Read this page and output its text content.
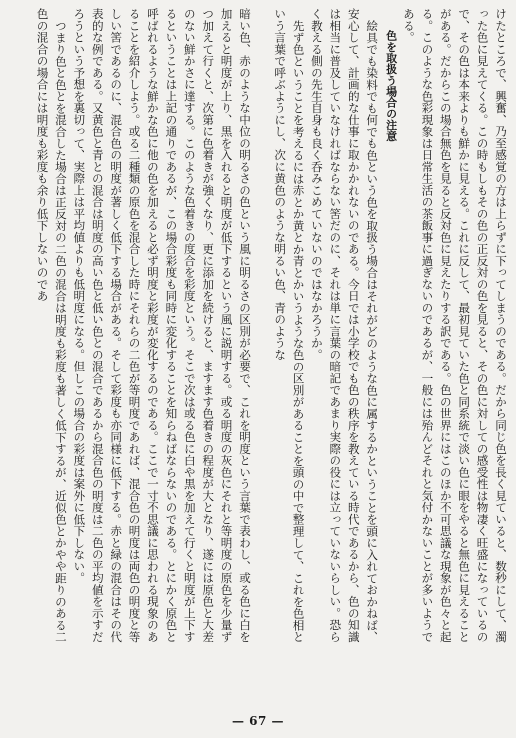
けたところで、興奮、乃至感覚の方は上らずに下ってしまうのである。だから同じ色を長く見ていると、数秒にして、濁った色に見えてくる。この時もしもその色の正反対の色を見ると、その色に対しての感受性は物凄く旺盛になっているので、その色は本来よりも鮮かに見える。これに反して、最初見ていた色と同系統で淡い色に眼をやると無色に見えることがある。だからこの場合無色を見ると反対色に見えたりする訳である。色の世界にはこのほか不可思議な現象が色々と起る。このような色彩現象は日常生活の茶飯事に過ぎないのであるが、一般には殆んどそれと気付かないことが多いようである。

色を取扱う場合の注意

絵具でも染料でも何でも色という色を取扱う場合はそれがどのような色に属するかということを頭に入れておかねば、安心して、計画的な仕事に取かかれないのである。今日では小学校でも色の秩序を教えている時代であるから、色の知識は相当に普及していなければならない筈だのに、それは単に言葉の暗記であまり実際の役には立っていないらしい。恐らく教える側の先生自身も良く呑みこめていないのではなかろうか。

先ず色ということを考えるには赤とか黄とか青とかいうような色の区別があることを頭の中で整理して、これを色相という言葉で呼ぶようにし、次に黄色のような明るい色、青のような

暗い色、赤のような中位の明るさの色という風に明るさの区別が必要で、これを明度という言葉で表わし、或る色に白を加えると明度が上り、黒を入れると明度が低下するという風に説明する。或る明度の灰色にそれと等明度の原色を少量ずつ加えて行くと、次第に色着きが強くなり、更に添加を続けると、ますます色着きの程度が大となり、遂には原色と大差のない鮮かさに達する。このような色着きの度合を彩度という。そこで次は或る色に白や黒を加えて行くと明度が上下するということは上記の通りであるが、この場合彩度も同時に変化することを知らねばならないのである。とにかく原色と呼ばれるような鮮かな色に他の色を加えると必ず明度と彩度が変化するのである。ここで一寸不思議に思われる現象のあることを紹介しよう。或る二種類の原色を混合した時にそれらの二色が等明度であれば、混合色の明度は両色の明度と等しい筈であるのに、混合色の明度が著しく低下する場合がある。そして彩度も亦同様に低下する。赤と緑の混合はその代表的な例である。又黄色と青との混合は明度の高い色と低い色との混合であるから混合色の明度は二色の平均値を示すだろうという予想を裏切って、実際上は平均値よりも低明度になる。但しこの場合の彩度は案外に低下しない。

つまり色と色とを混合した場合は正反対の二色の混合は明度も彩度も著しく低下するが、近似色とかやや距りのある二色の混合の場合には明度も彩度も余り低下しないのであ

— 67 —
